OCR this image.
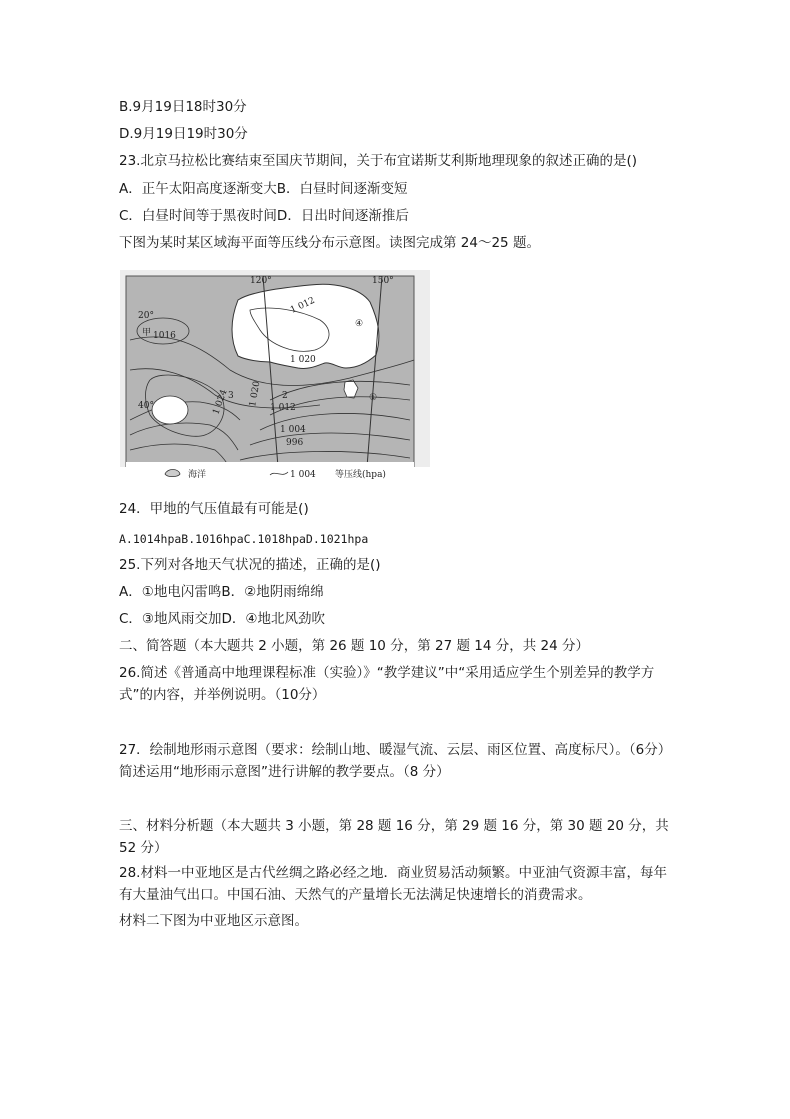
B.9月19日18时30分
D.9月19日19时30分
23.北京马拉松比赛结束至国庆节期间，关于布宜诺斯艾利斯地理现象的叙述正确的是()
A．正午太阳高度逐渐变大B．白昼时间逐渐变短
C．白昼时间等于黑夜时间D．日出时间逐渐推后
下图为某时某区域海平面等压线分布示意图。读图完成第 24～25 题。
120°	150°
20°
40°
甲 1016
1 012
1 020
1 020
1 024	1 012
1 004
996
①
2
3
④
海洋	1 004 等压线(hpa)
24．甲地的气压值最有可能是()
A.1014hpaB.1016hpaC.1018hpaD.1021hpa
25.下列对各地天气状况的描述，正确的是()
A．①地电闪雷鸣B．②地阴雨绵绵
C．③地风雨交加D．④地北风劲吹
二、简答题（本大题共 2 小题，第 26 题 10 分，第 27 题 14 分，共 24 分）
26.简述《普通高中地理课程标准（实验）》“教学建议”中“采用适应学生个别差异的教学方式”的内容，并举例说明。（10分）
27．绘制地形雨示意图（要求：绘制山地、暖湿气流、云层、雨区位置、高度标尺）。（6分）简述运用“地形雨示意图”进行讲解的教学要点。（8 分）
三、材料分析题（本大题共 3 小题，第 28 题 16 分，第 29 题 16 分，第 30 题 20 分，共 52 分）
28.材料一中亚地区是古代丝绸之路必经之地．商业贸易活动频繁。中亚油气资源丰富，每年有大量油气出口。中国石油、天然气的产量增长无法满足快速增长的消费需求。
材料二下图为中亚地区示意图。
